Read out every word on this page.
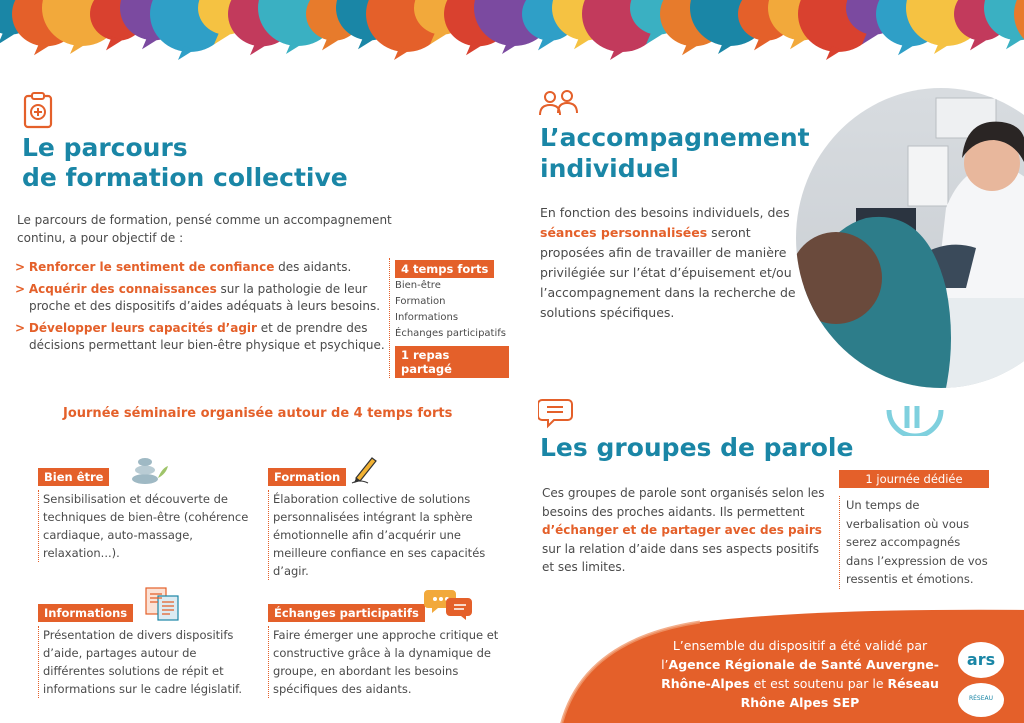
Le parcours
de formation collective
Le parcours de formation, pensé comme un accompagnement continu, a pour objectif de :
> Renforcer le sentiment de confiance des aidants.
> Acquérir des connaissances sur la pathologie de leur proche et des dispositifs d’aides adéquats à leurs besoins.
> Développer leurs capacités d’agir et de prendre des décisions permettant leur bien-être physique et psychique.
4 temps forts
Bien-être
Formation
Informations
Échanges participatifs
1 repas partagé
Journée séminaire organisée autour de 4 temps forts
Bien être
Sensibilisation et découverte de techniques de bien-être (cohérence cardiaque, auto-massage, relaxation...).
Formation
Élaboration collective de solutions personnalisées intégrant la sphère émotionnelle afin d’acquérir une meilleure confiance en ses capacités d’agir.
Informations
Présentation de divers dispositifs d’aide, partages autour de différentes solutions de répit et informations sur le cadre législatif.
Échanges participatifs
Faire émerger une approche critique et constructive grâce à la dynamique de groupe, en abordant les besoins spécifiques des aidants.
L’accompagnement
individuel
En fonction des besoins individuels, des séances personnalisées seront proposées afin de travailler de manière privilégiée sur l’état d’épuisement et/ou l’accompagnement dans la recherche de solutions spécifiques.
Les groupes de parole
Ces groupes de parole sont organisés selon les besoins des proches aidants. Ils permettent d’échanger et de partager avec des pairs sur la relation d’aide dans ses aspects positifs et ses limites.
1 journée dédiée
Un temps de verbalisation où vous serez accompagnés dans l’expression de vos ressentis et émotions.
L’ensemble du dispositif a été validé par l’Agence Régionale de Santé Auvergne-Rhône-Alpes et est soutenu par le Réseau Rhône Alpes SEP
ars
RÉSEAU
